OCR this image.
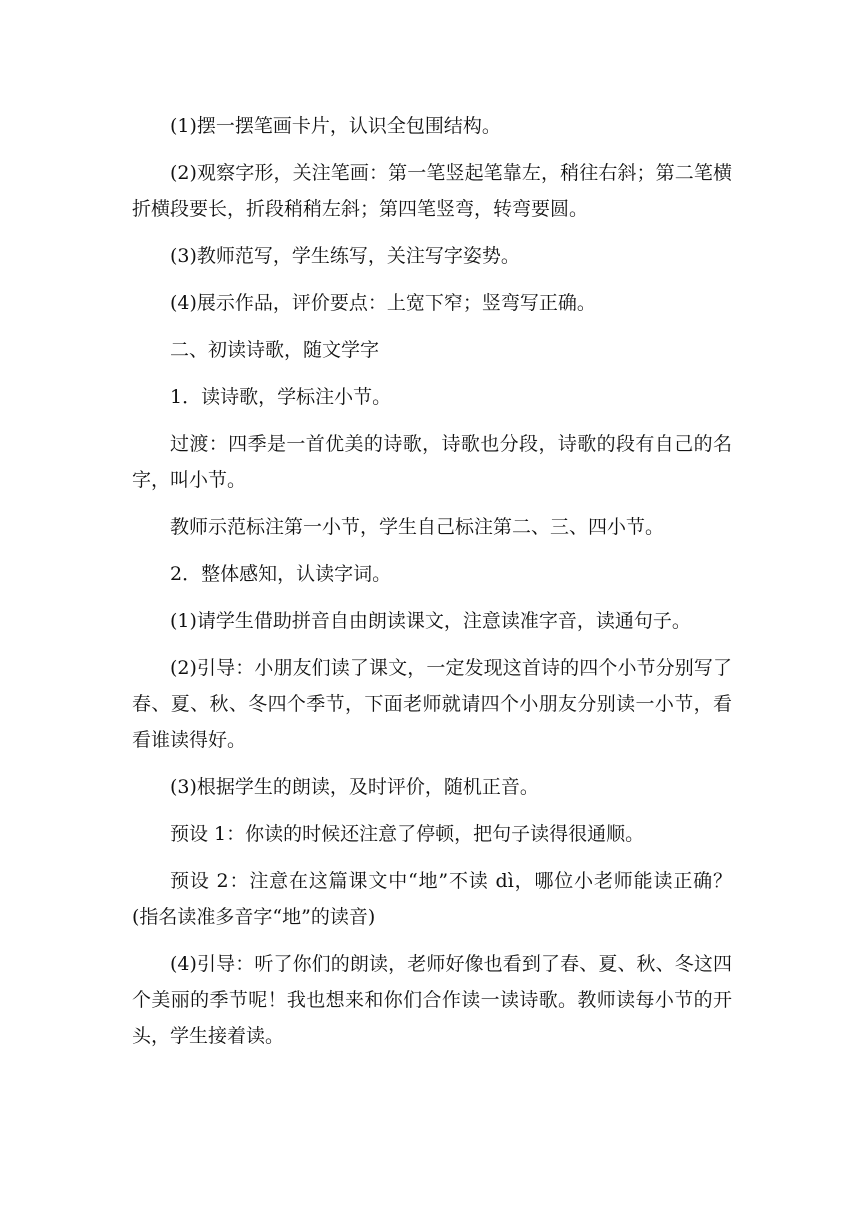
(1)摆一摆笔画卡片，认识全包围结构。

(2)观察字形，关注笔画：第一笔竖起笔靠左，稍往右斜；第二笔横折横段要长，折段稍稍左斜；第四笔竖弯，转弯要圆。

(3)教师范写，学生练写，关注写字姿势。

(4)展示作品，评价要点：上宽下窄；竖弯写正确。

二、初读诗歌，随文学字

1．读诗歌，学标注小节。

过渡：四季是一首优美的诗歌，诗歌也分段，诗歌的段有自己的名字，叫小节。

教师示范标注第一小节，学生自己标注第二、三、四小节。

2．整体感知，认读字词。

(1)请学生借助拼音自由朗读课文，注意读准字音，读通句子。

(2)引导：小朋友们读了课文，一定发现这首诗的四个小节分别写了春、夏、秋、冬四个季节，下面老师就请四个小朋友分别读一小节，看看谁读得好。

(3)根据学生的朗读，及时评价，随机正音。

预设 1：你读的时候还注意了停顿，把句子读得很通顺。

预设 2：注意在这篇课文中“地”不读 dì，哪位小老师能读正确？(指名读准多音字“地”的读音)

(4)引导：听了你们的朗读，老师好像也看到了春、夏、秋、冬这四个美丽的季节呢！我也想来和你们合作读一读诗歌。教师读每小节的开头，学生接着读。
